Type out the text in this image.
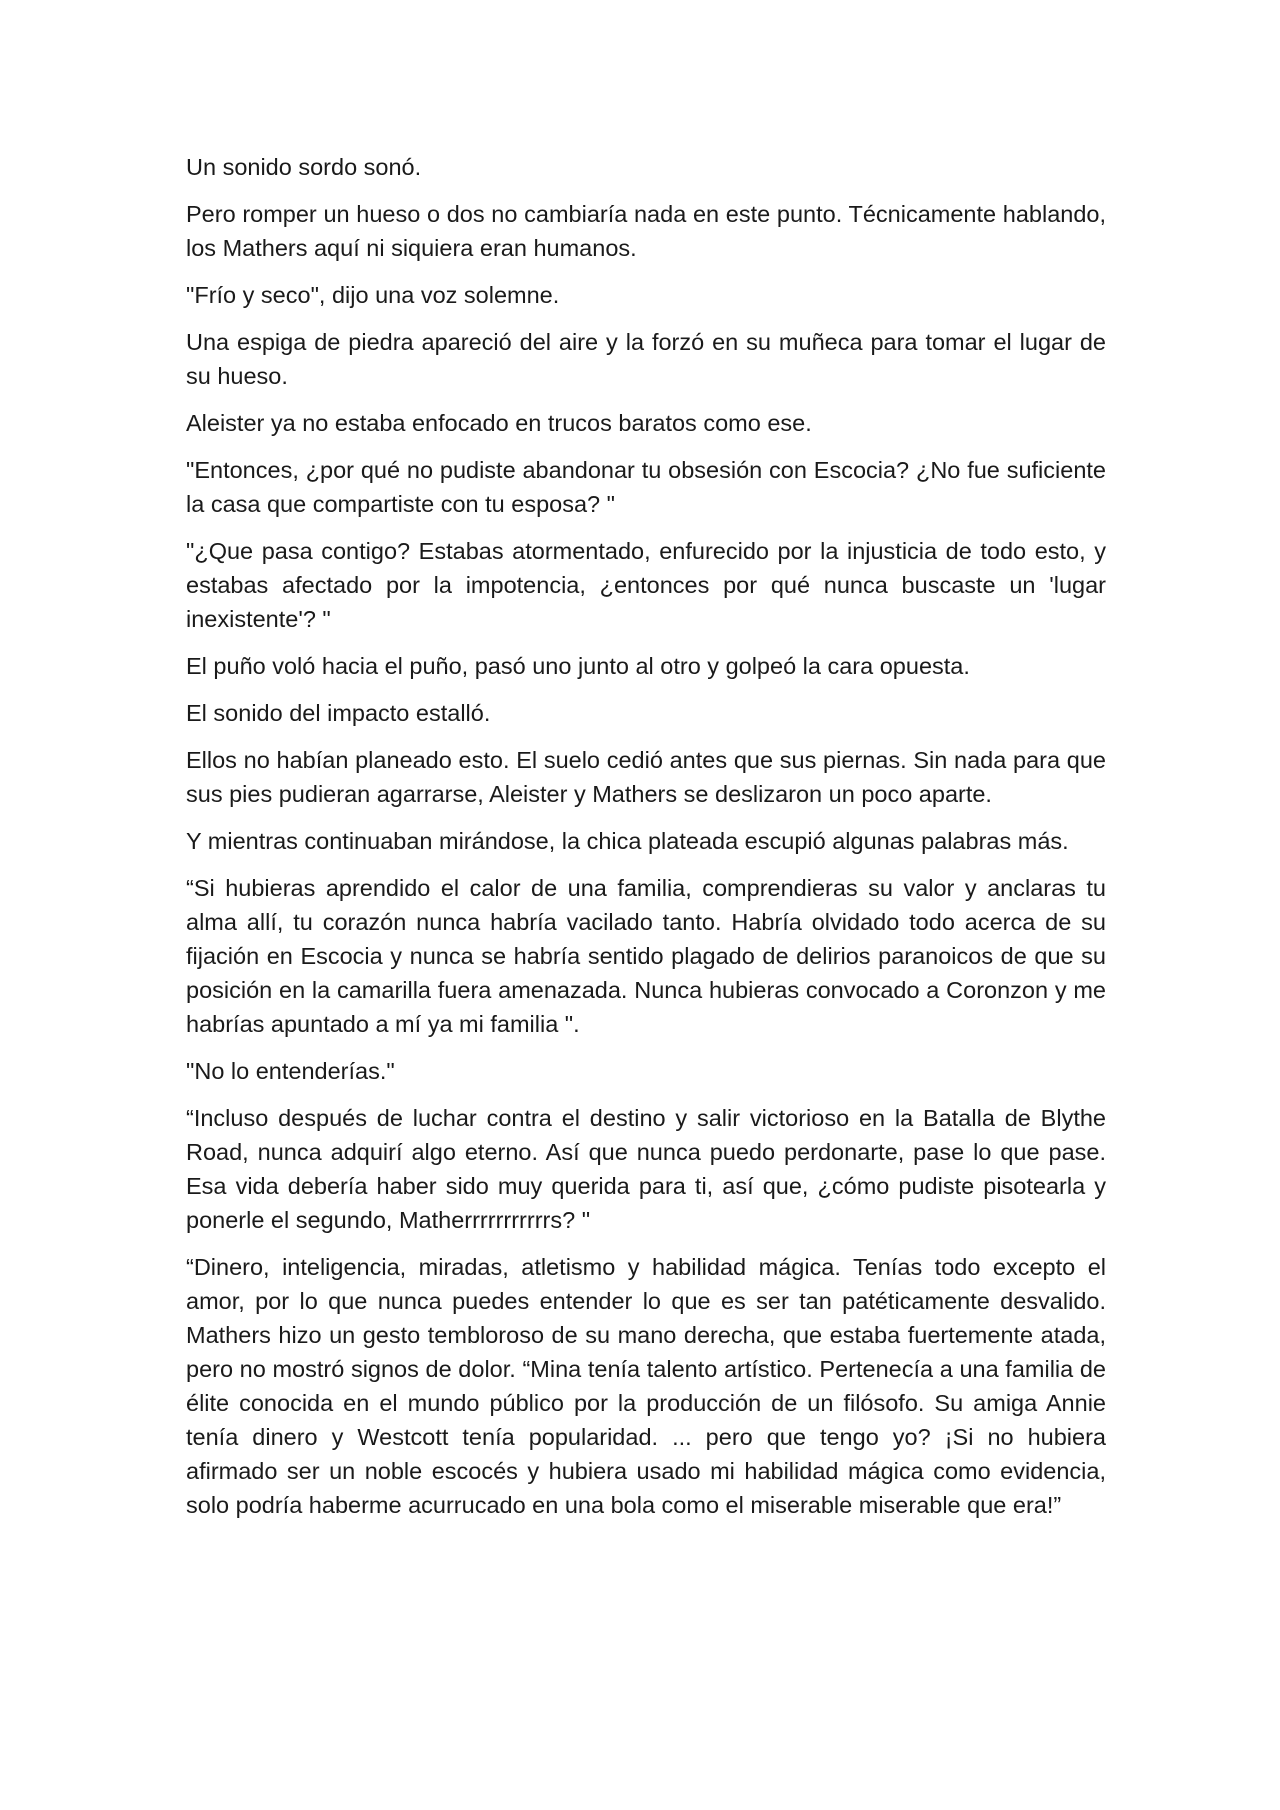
Un sonido sordo sonó.

Pero romper un hueso o dos no cambiaría nada en este punto. Técnicamente hablando, los Mathers aquí ni siquiera eran humanos.

"Frío y seco", dijo una voz solemne.

Una espiga de piedra apareció del aire y la forzó en su muñeca para tomar el lugar de su hueso.

Aleister ya no estaba enfocado en trucos baratos como ese.

"Entonces, ¿por qué no pudiste abandonar tu obsesión con Escocia? ¿No fue suficiente la casa que compartiste con tu esposa? "

"¿Que pasa contigo? Estabas atormentado, enfurecido por la injusticia de todo esto, y estabas afectado por la impotencia, ¿entonces por qué nunca buscaste un 'lugar inexistente'? "

El puño voló hacia el puño, pasó uno junto al otro y golpeó la cara opuesta.

El sonido del impacto estalló.

Ellos no habían planeado esto. El suelo cedió antes que sus piernas. Sin nada para que sus pies pudieran agarrarse, Aleister y Mathers se deslizaron un poco aparte.

Y mientras continuaban mirándose, la chica plateada escupió algunas palabras más.

“Si hubieras aprendido el calor de una familia, comprendieras su valor y anclaras tu alma allí, tu corazón nunca habría vacilado tanto. Habría olvidado todo acerca de su fijación en Escocia y nunca se habría sentido plagado de delirios paranoicos de que su posición en la camarilla fuera amenazada. Nunca hubieras convocado a Coronzon y me habrías apuntado a mí ya mi familia ".

"No lo entenderías."

“Incluso después de luchar contra el destino y salir victorioso en la Batalla de Blythe Road, nunca adquirí algo eterno. Así que nunca puedo perdonarte, pase lo que pase. Esa vida debería haber sido muy querida para ti, así que, ¿cómo pudiste pisotearla y ponerle el segundo, Matherrrrrrrrrrrs? "

“Dinero, inteligencia, miradas, atletismo y habilidad mágica. Tenías todo excepto el amor, por lo que nunca puedes entender lo que es ser tan patéticamente desvalido. Mathers hizo un gesto tembloroso de su mano derecha, que estaba fuertemente atada, pero no mostró signos de dolor. “Mina tenía talento artístico. Pertenecía a una familia de élite conocida en el mundo público por la producción de un filósofo. Su amiga Annie tenía dinero y Westcott tenía popularidad. ... pero que tengo yo? ¡Si no hubiera afirmado ser un noble escocés y hubiera usado mi habilidad mágica como evidencia, solo podría haberme acurrucado en una bola como el miserable miserable que era!”
